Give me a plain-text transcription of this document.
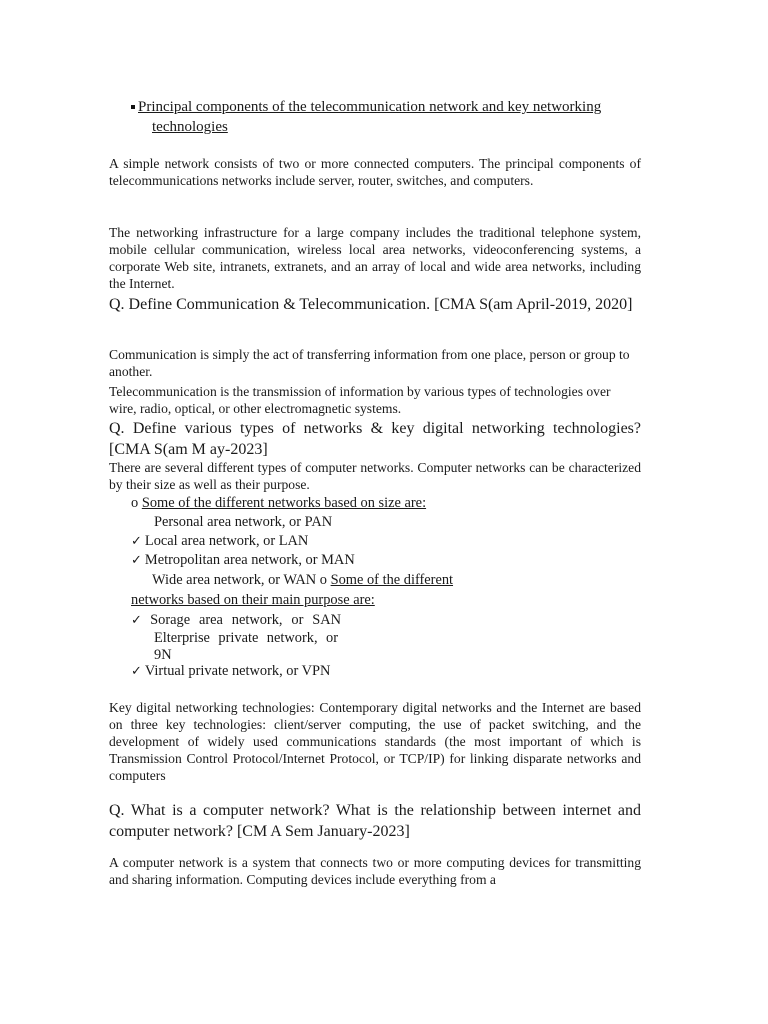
Principal components of the telecommunication network and key networking
technologies

A simple network consists of two or more connected computers. The principal components of telecommunications networks include server, router, switches, and computers.

The networking infrastructure for a large company includes the traditional telephone system, mobile cellular communication, wireless local area networks, videoconferencing systems, a corporate Web site, intranets, extranets, and an array of local and wide area networks, including the Internet.

Q. Define Communication & Telecommunication. [CMA S(am April-2019, 2020]

Communication is simply the act of transferring information from one place, person or group to another.

Telecommunication is the transmission of information by various types of technologies over wire, radio, optical, or other electromagnetic systems.

Q. Define various types of networks & key digital networking technologies? [CMA S(am M ay-2023]

There are several different types of computer networks. Computer networks can be characterized by their size as well as their purpose.

o Some of the different networks based on size are:
Personal area network, or PAN
✓ Local area network, or LAN
✓ Metropolitan area network, or MAN
Wide area network, or WAN o Some of the different
networks based on their main purpose are:
✓ Sorage area network, or SAN
Elterprise private network, or
9N
✓ Virtual private network, or VPN

Key digital networking technologies: Contemporary digital networks and the Internet are based on three key technologies: client/server computing, the use of packet switching, and the development of widely used communications standards (the most important of which is Transmission Control Protocol/Internet Protocol, or TCP/IP) for linking disparate networks and computers

Q. What is a computer network? What is the relationship between internet and computer network? [CM A Sem January-2023]

A computer network is a system that connects two or more computing devices for transmitting and sharing information. Computing devices include everything from a
